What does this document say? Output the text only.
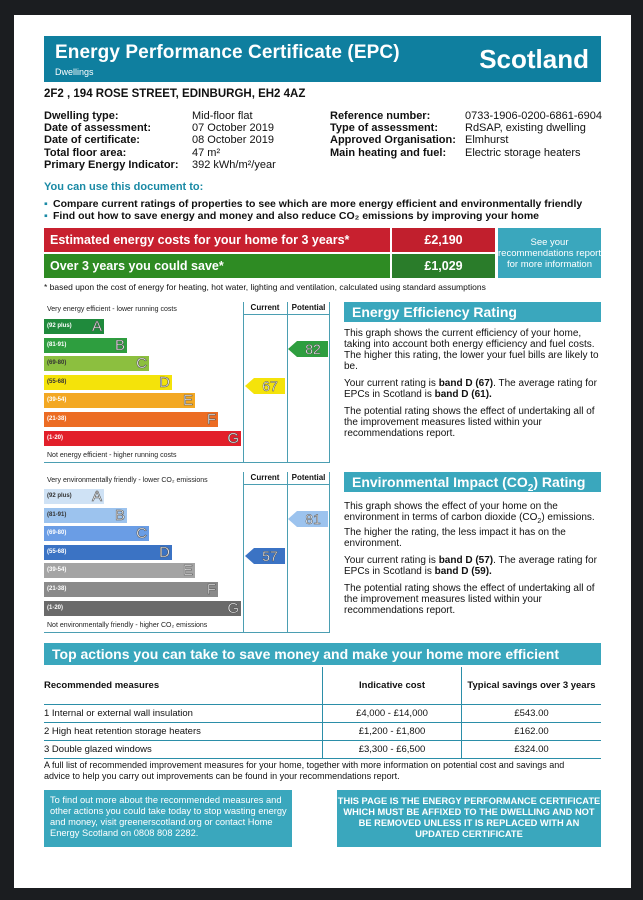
Energy Performance Certificate (EPC)
Dwellings	Scotland
2F2 , 194 ROSE STREET, EDINBURGH, EH2 4AZ
Dwelling type:	Mid-floor flat
Date of assessment:	07 October 2019
Date of certificate:	08 October 2019
Total floor area:	47 m²
Primary Energy Indicator:	392 kWh/m²/year
Reference number:	0733-1906-0200-6861-6904
Type of assessment:	RdSAP, existing dwelling
Approved Organisation: Elmhurst
Main heating and fuel:	Electric storage heaters
You can use this document to:
▪ Compare current ratings of properties to see which are more energy efficient and environmentally friendly
▪ Find out how to save energy and money and also reduce CO₂ emissions by improving your home
Estimated energy costs for your home for 3 years*	£2,190
Over 3 years you could save*	£1,029
See your recommendations report for more information
* based upon the cost of energy for heating, hot water, lighting and ventilation, calculated using standard assumptions
Current	Potential
Very energy efficient - lower running costs
Not energy efficient - higher running costs
(92 plus) A
(81-91)	B
(69-80)	C
(55-68)	D
(39-54)	E
(21-38)	F
(1-20)	G
67
82
Current	Potential
Very environmentally friendly - lower CO₂ emissions
Not environmentally friendly - higher CO₂ emissions
(92 plus) A
(81-91)	B
(69-80)	C
(55-68)	D
(39-54)	E
(21-38)	F
(1-20)	G
57
81
Energy Efficiency Rating

This graph shows the current efficiency of your home, taking into account both energy efficiency and fuel costs. The higher this rating, the lower your fuel bills are likely to be.

Your current rating is band D (67). The average rating for EPCs in Scotland is band D (61).

The potential rating shows the effect of undertaking all of the improvement measures listed within your recommendations report.

Environmental Impact $(CO_2)$ Rating

This graph shows the effect of your home on the environment in terms of carbon dioxide $(CO_2)$ emissions. The higher the rating, the less impact it has on the environment.

Your current rating is band D (57). The average rating for EPCs in Scotland is band D (59).

The potential rating shows the effect of undertaking all of the improvement measures listed within your recommendations report.

Top actions you can take to save money and make your home more efficient
Recommended measures	Indicative cost	Typical savings over 3 years
1 Internal or external wall insulation	£4,000 - £14,000	£543.00
2 High heat retention storage heaters	£1,200 - £1,800	£162.00
3 Double glazed windows	£3,300 - £6,500	£324.00
A full list of recommended improvement measures for your home, together with more information on potential cost and savings and advice to help you carry out improvements can be found in your recommendations report.
To find out more about the recommended measures and other actions you could take today to stop wasting energy and money, visit greenerscotland.org or contact Home Energy Scotland on 0808 808 2282.
THIS PAGE IS THE ENERGY PERFORMANCE CERTIFICATE WHICH MUST BE AFFIXED TO THE DWELLING AND NOT BE REMOVED UNLESS IT IS REPLACED WITH AN UPDATED CERTIFICATE
